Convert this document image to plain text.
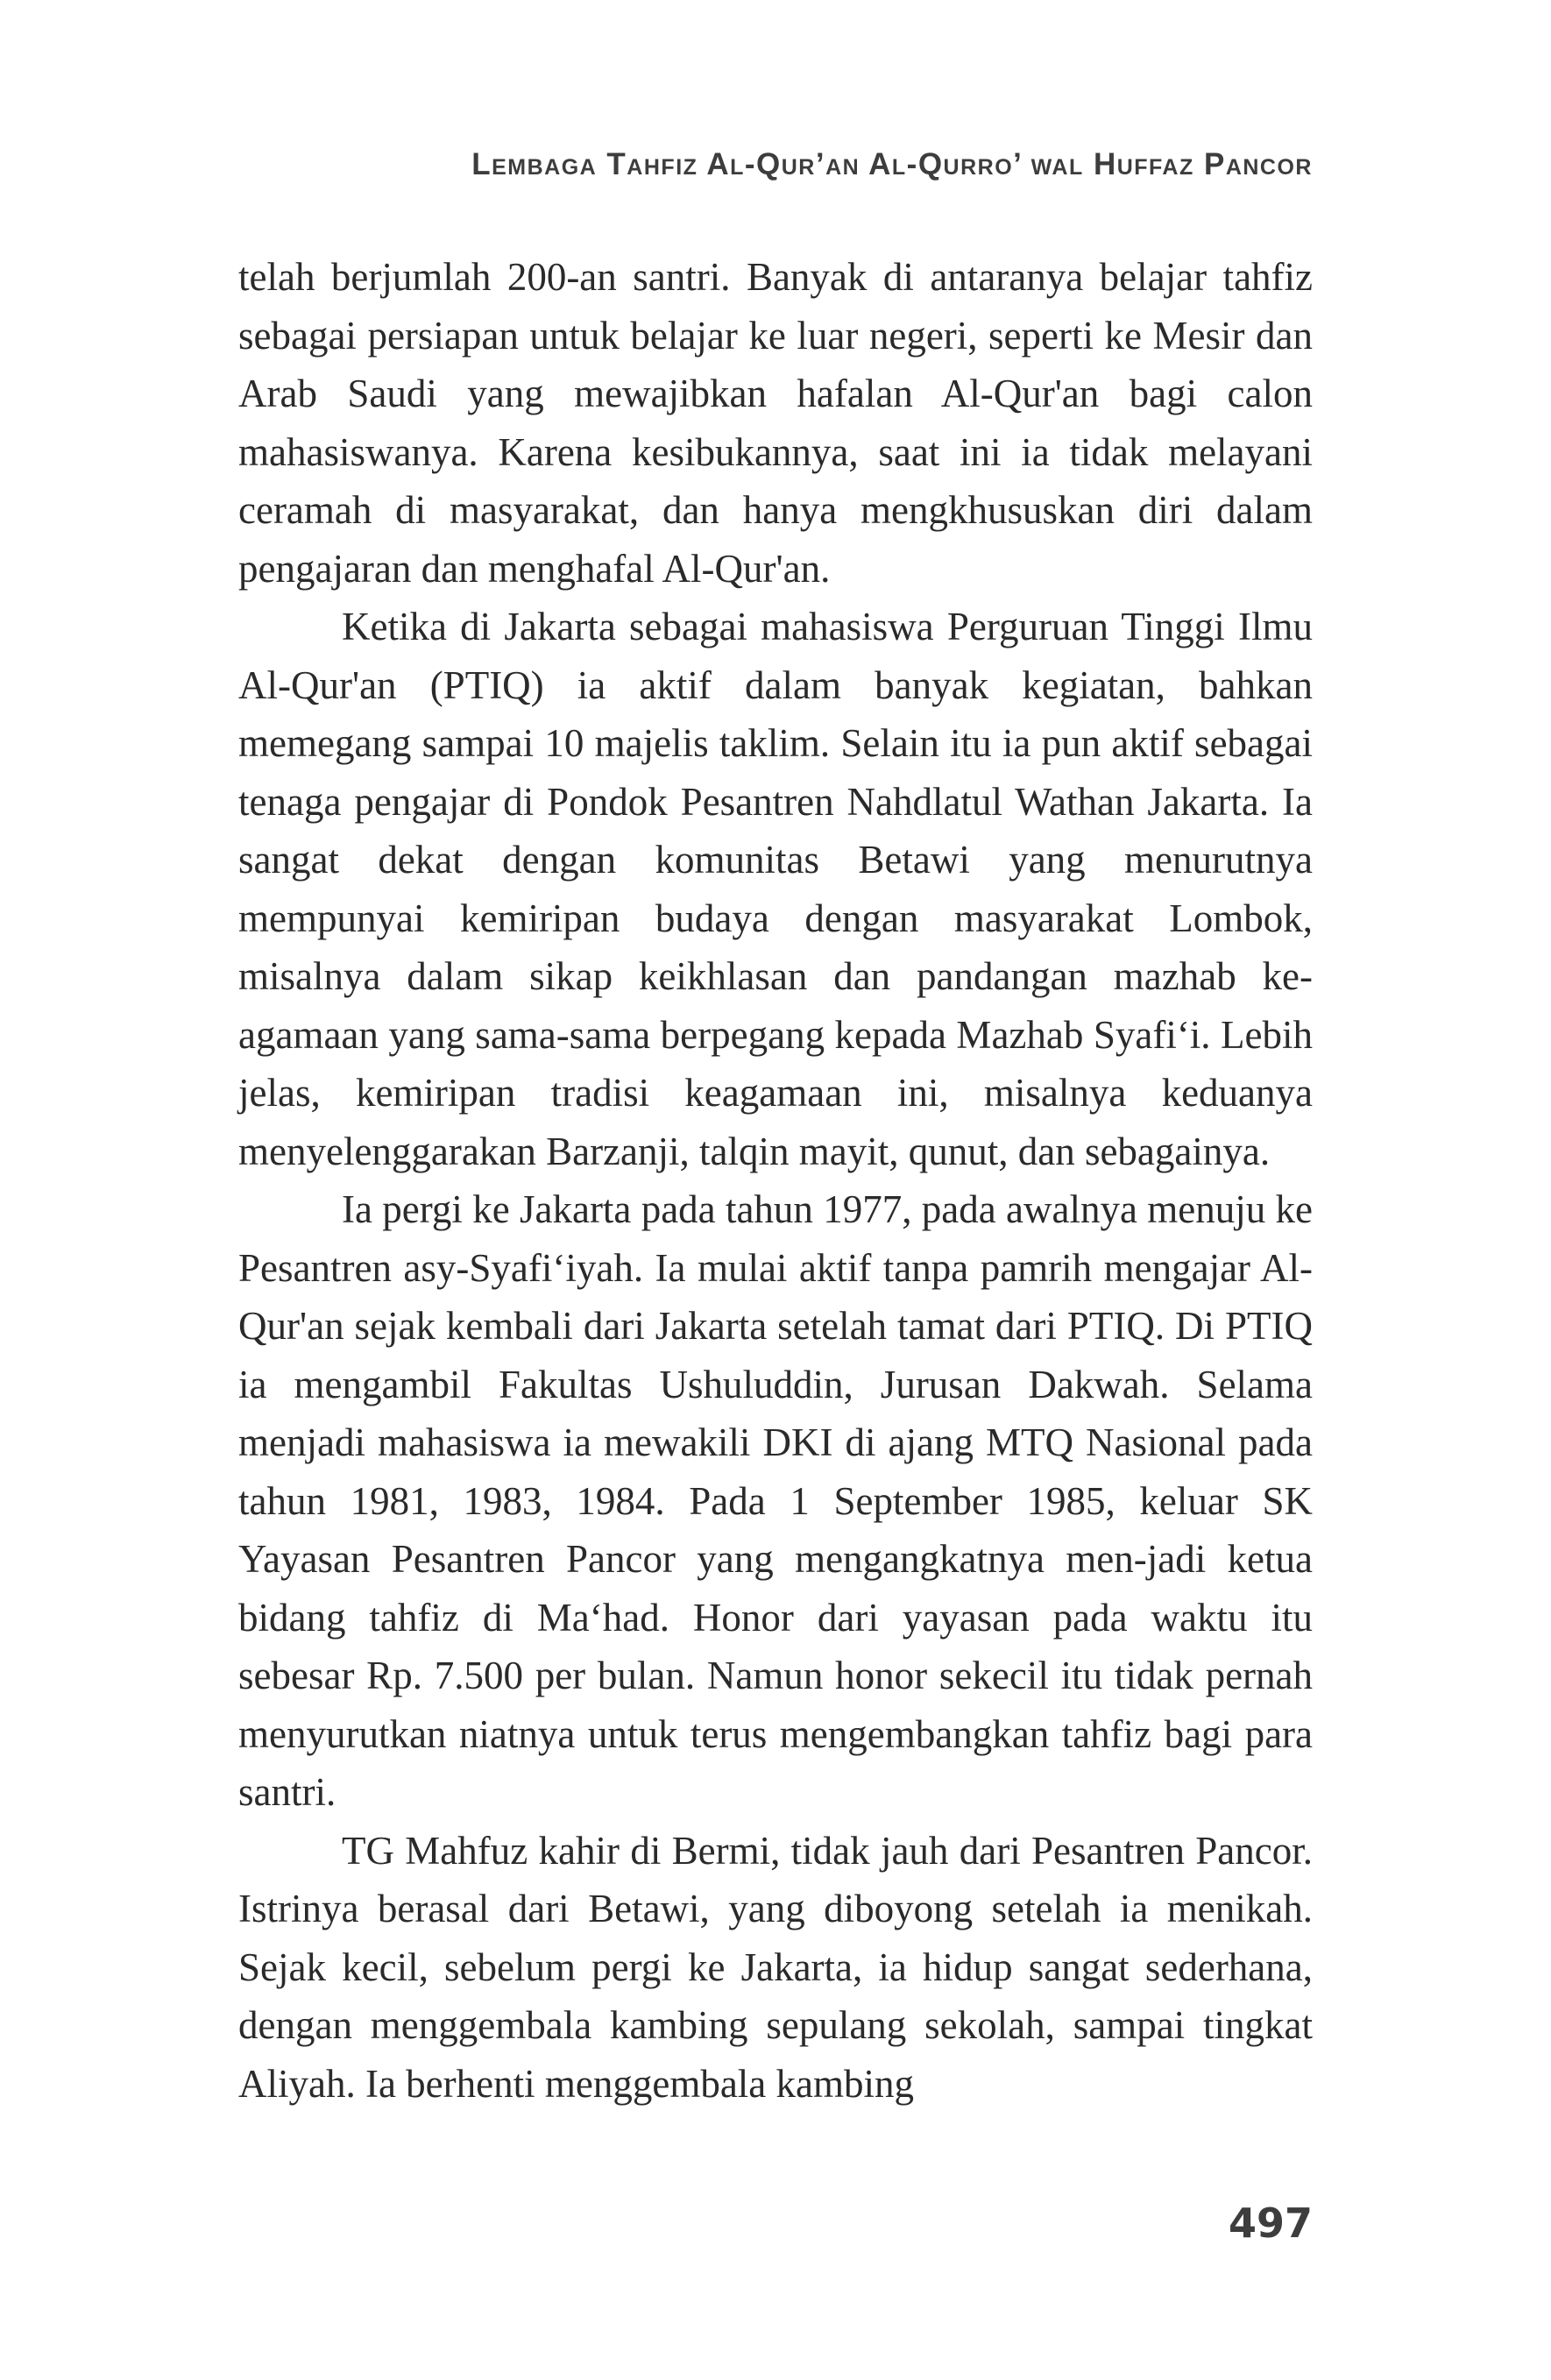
Lembaga Tahfiz Al-Qur’an Al-Qurro’ wal Huffaz Pancor

telah berjumlah 200-an santri. Banyak di antaranya belajar tahfiz sebagai persiapan untuk belajar ke luar negeri, seperti ke Mesir dan Arab Saudi yang mewajibkan hafalan Al-Qur'an bagi calon mahasiswanya. Karena kesibukannya, saat ini ia tidak melayani ceramah di masyarakat, dan hanya mengkhususkan diri dalam pengajaran dan menghafal Al-Qur'an.

Ketika di Jakarta sebagai mahasiswa Perguruan Tinggi Ilmu Al-Qur'an (PTIQ) ia aktif dalam banyak kegiatan, bahkan memegang sampai 10 majelis taklim. Selain itu ia pun aktif sebagai tenaga pengajar di Pondok Pesantren Nahdlatul Wathan Jakarta. Ia sangat dekat dengan komunitas Betawi yang menurutnya mempunyai kemiripan budaya dengan masyarakat Lombok, misalnya dalam sikap keikhlasan dan pandangan mazhab ke-agamaan yang sama-sama berpegang kepada Mazhab Syafi‘i. Lebih jelas, kemiripan tradisi keagamaan ini, misalnya keduanya menyelenggarakan Barzanji, talqin mayit, qunut, dan sebagainya.

Ia pergi ke Jakarta pada tahun 1977, pada awalnya menuju ke Pesantren asy-Syafi‘iyah. Ia mulai aktif tanpa pamrih mengajar Al-Qur'an sejak kembali dari Jakarta setelah tamat dari PTIQ. Di PTIQ ia mengambil Fakultas Ushuluddin, Jurusan Dakwah. Selama menjadi mahasiswa ia mewakili DKI di ajang MTQ Nasional pada tahun 1981, 1983, 1984. Pada 1 September 1985, keluar SK Yayasan Pesantren Pancor yang mengangkatnya men-jadi ketua bidang tahfiz di Ma‘had. Honor dari yayasan pada waktu itu sebesar Rp. 7.500 per bulan. Namun honor sekecil itu tidak pernah menyurutkan niatnya untuk terus mengembangkan tahfiz bagi para santri.

TG Mahfuz kahir di Bermi, tidak jauh dari Pesantren Pancor. Istrinya berasal dari Betawi, yang diboyong setelah ia menikah. Sejak kecil, sebelum pergi ke Jakarta, ia hidup sangat sederhana, dengan menggembala kambing sepulang sekolah, sampai tingkat Aliyah. Ia berhenti menggembala kambing

497
